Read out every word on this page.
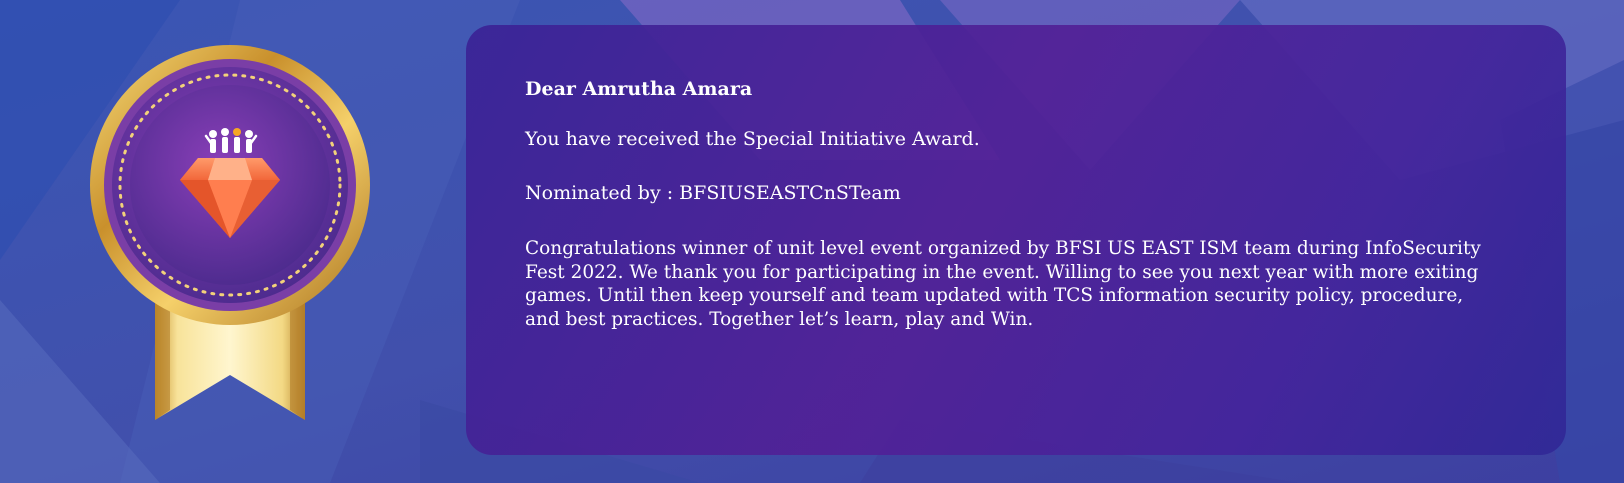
Dear Amrutha Amara

You have received the Special Initiative Award.

Nominated by : BFSIUSEASTCnSTeam

Congratulations winner of unit level event organized by BFSI US EAST ISM team during InfoSecurity Fest 2022. We thank you for participating in the event. Willing to see you next year with more exiting games. Until then keep yourself and team updated with TCS information security policy, procedure, and best practices. Together let’s learn, play and Win.
